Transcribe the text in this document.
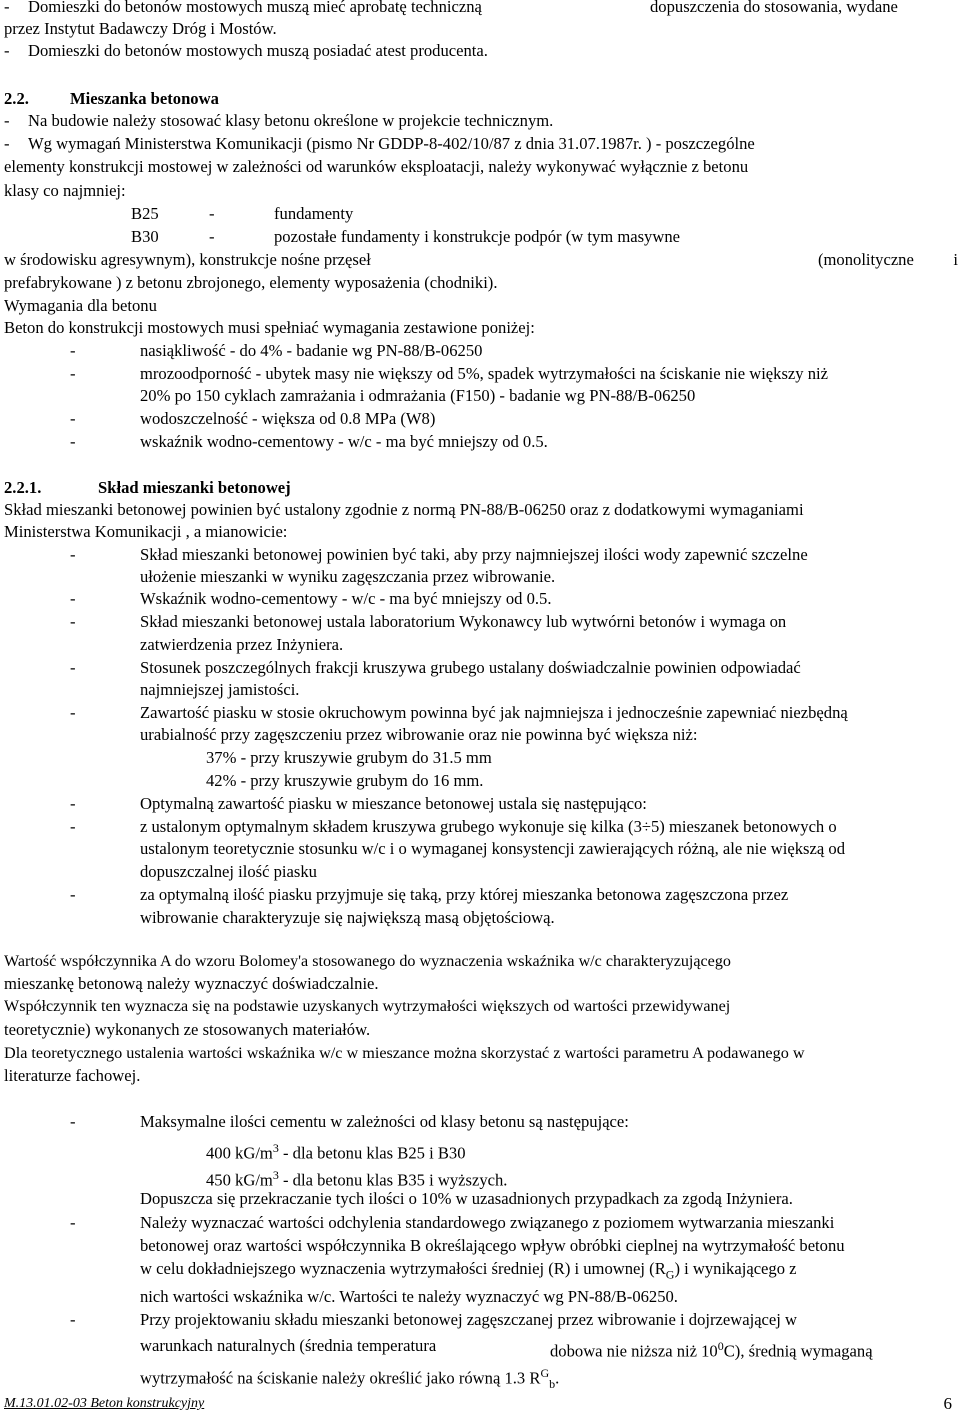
- Domieszki do betonów mostowych muszą mieć aprobatę techniczną	dopuszczenia do stosowania, wydane
przez Instytut Badawczy Dróg i Mostów.
- Domieszki do betonów mostowych muszą posiadać atest producenta.
2.2. Mieszanka betonowa
- Na budowie należy stosować klasy betonu określone w projekcie technicznym.
- Wg wymagań Ministerstwa Komunikacji (pismo Nr GDDP-8-402/10/87 z dnia 31.07.1987r. ) - poszczególne
elementy konstrukcji mostowej w zależności od warunków eksploatacji, należy wykonywać wyłącznie z betonu
klasy co najmniej:
B25	-	fundamenty
B30	-	pozostałe fundamenty i konstrukcje podpór (w tym masywne
w środowisku agresywnym), konstrukcje nośne przęseł	(monolityczne i
prefabrykowane ) z betonu zbrojonego, elementy wyposażenia (chodniki).
Wymagania dla betonu
Beton do konstrukcji mostowych musi spełniać wymagania zestawione poniżej:
-	nasiąkliwość - do 4% - badanie wg PN-88/B-06250
-	mrozoodporność - ubytek masy nie większy od 5%, spadek wytrzymałości na ściskanie nie większy niż
20% po 150 cyklach zamrażania i odmrażania (F150) - badanie wg PN-88/B-06250
-	wodoszczelność - większa od 0.8 MPa (W8)
-	wskaźnik wodno-cementowy - w/c - ma być mniejszy od 0.5.
2.2.1.	Skład mieszanki betonowej
Skład mieszanki betonowej powinien być ustalony zgodnie z normą PN-88/B-06250 oraz z dodatkowymi wymaganiami
Ministerstwa Komunikacji , a mianowicie:
-	Skład mieszanki betonowej powinien być taki, aby przy najmniejszej ilości wody zapewnić szczelne
ułożenie mieszanki w wyniku zagęszczania przez wibrowanie.
-	Wskaźnik wodno-cementowy - w/c - ma być mniejszy od 0.5.
-	Skład mieszanki betonowej ustala laboratorium Wykonawcy lub wytwórni betonów i wymaga on
zatwierdzenia przez Inżyniera.
-	Stosunek poszczególnych frakcji kruszywa grubego ustalany doświadczalnie powinien odpowiadać
najmniejszej jamistości.
-	Zawartość piasku w stosie okruchowym powinna być jak najmniejsza i jednocześnie zapewniać niezbędną
urabialność przy zagęszczeniu przez wibrowanie oraz nie powinna być większa niż:
37% - przy kruszywie grubym do 31.5 mm
42% - przy kruszywie grubym do 16 mm.
-	Optymalną zawartość piasku w mieszance betonowej ustala się następująco:
-	z ustalonym optymalnym składem kruszywa grubego wykonuje się kilka (3÷5) mieszanek betonowych o
ustalonym teoretycznie stosunku w/c i o wymaganej konsystencji zawierających różną, ale nie większą od
dopuszczalnej ilość piasku
-	za optymalną ilość piasku przyjmuje się taką, przy której mieszanka betonowa zagęszczona przez
wibrowanie charakteryzuje się największą masą objętościową.
Wartość współczynnika A do wzoru Bolomey'a stosowanego do wyznaczenia wskaźnika w/c charakteryzującego
mieszankę betonową należy wyznaczyć doświadczalnie.
Współczynnik ten wyznacza się na podstawie uzyskanych wytrzymałości większych od wartości przewidywanej
teoretycznie) wykonanych ze stosowanych materiałów.
Dla teoretycznego ustalenia wartości wskaźnika w/c w mieszance można skorzystać z wartości parametru A podawanego w
literaturze fachowej.
-	Maksymalne ilości cementu w zależności od klasy betonu są następujące:
400 $kG/m^3$ - dla betonu klas B25 i B30
450 $kG/m^3$ - dla betonu klas B35 i wyższych.
Dopuszcza się przekraczanie tych ilości o 10% w uzasadnionych przypadkach za zgodą Inżyniera.
-	Należy wyznaczać wartości odchylenia standardowego związanego z poziomem wytwarzania mieszanki
betonowej oraz wartości współczynnika B określającego wpływ obróbki cieplnej na wytrzymałość betonu
w celu dokładniejszego wyznaczenia wytrzymałości średniej (R) i umownej $(R_G)$ i wynikającego z
nich wartości wskaźnika w/c. Wartości te należy wyznaczyć wg PN-88/B-06250.
-	Przy projektowaniu składu mieszanki betonowej zagęszczanej przez wibrowanie i dojrzewającej w
warunkach naturalnych (średnia temperatura	dobowa nie niższa niż $10^0C$), średnią wymaganą
wytrzymałość na ściskanie należy określić jako równą 1.3 $R^G_b$.
M.13.01.02-03 Beton konstrukcyjny	6
